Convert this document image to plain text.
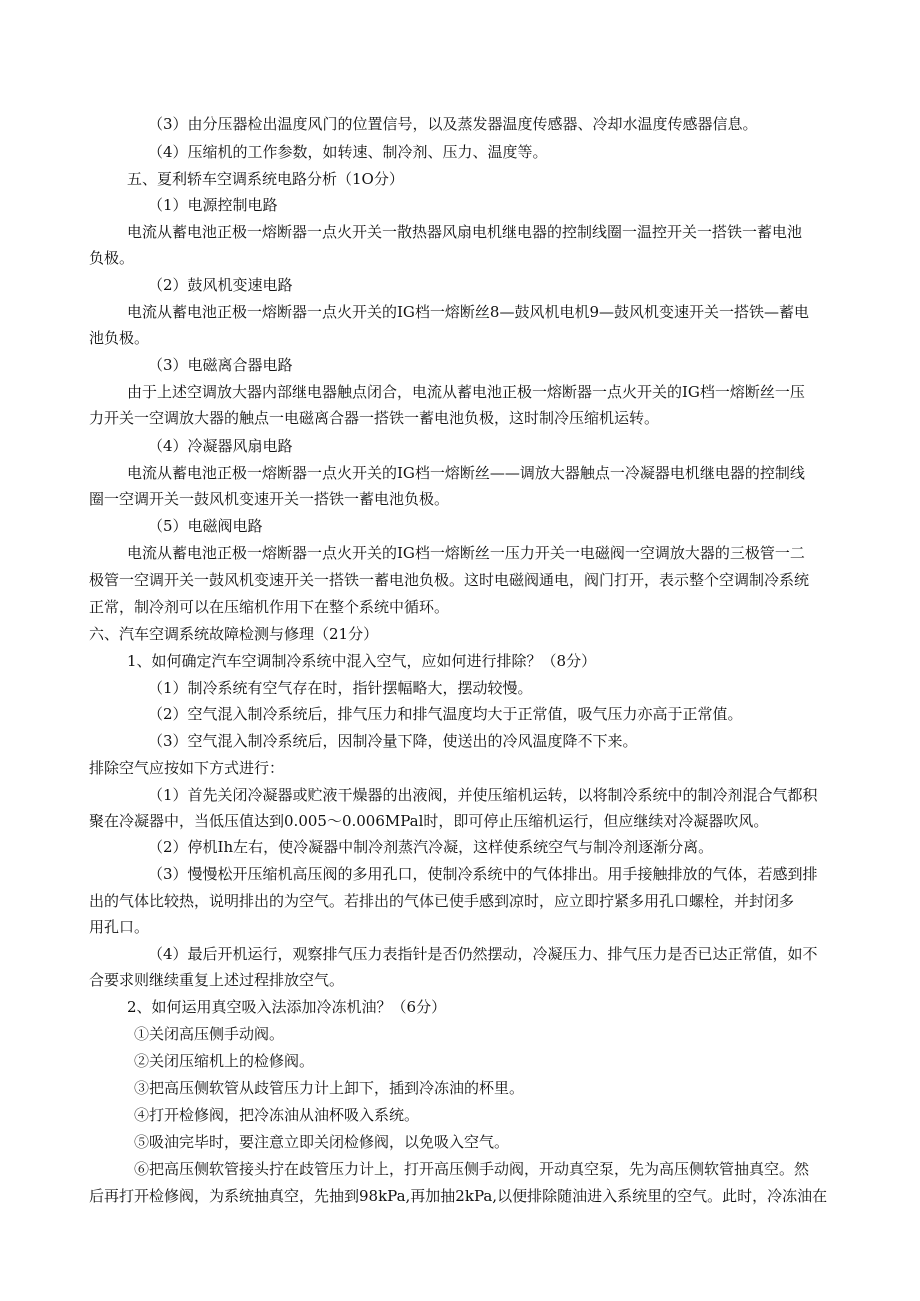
（3）由分压器检出温度风门的位置信号，以及蒸发器温度传感器、冷却水温度传感器信息。
（4）压缩机的工作参数，如转速、制冷剂、压力、温度等。
五、夏利轿车空调系统电路分析（1O分）
（1）电源控制电路
电流从蓄电池正极一熔断器一点火开关一散热器风扇电机继电器的控制线圈一温控开关一搭铁一蓄电池
负极。
（2）鼓风机变速电路
电流从蓄电池正极一熔断器一点火开关的IG档一熔断丝8—鼓风机电机9—鼓风机变速开关一搭铁—蓄电
池负极。
（3）电磁离合器电路
由于上述空调放大器内部继电器触点闭合，电流从蓄电池正极一熔断器一点火开关的IG档一熔断丝一压
力开关一空调放大器的触点一电磁离合器一搭铁一蓄电池负极，这时制冷压缩机运转。
（4）冷凝器风扇电路
电流从蓄电池正极一熔断器一点火开关的IG档一熔断丝——调放大器触点一冷凝器电机继电器的控制线
圈一空调开关一鼓风机变速开关一搭铁一蓄电池负极。
（5）电磁阀电路
电流从蓄电池正极一熔断器一点火开关的IG档一熔断丝一压力开关一电磁阀一空调放大器的三极管一二
极管一空调开关一鼓风机变速开关一搭铁一蓄电池负极。这时电磁阀通电，阀门打开，表示整个空调制冷系统
正常，制冷剂可以在压缩机作用下在整个系统中循环。
六、汽车空调系统故障检测与修理（21分）
1、如何确定汽车空调制冷系统中混入空气，应如何进行排除？（8分）
（1）制冷系统有空气存在时，指针摆幅略大，摆动较慢。
（2）空气混入制冷系统后，排气压力和排气温度均大于正常值，吸气压力亦高于正常值。
（3）空气混入制冷系统后，因制冷量下降，使送出的冷风温度降不下来。
排除空气应按如下方式进行：
（1）首先关闭冷凝器或贮液干燥器的出液阀，并使压缩机运转，以将制冷系统中的制冷剂混合气都积
聚在冷凝器中，当低压值达到0.005～0.006MPal时，即可停止压缩机运行，但应继续对冷凝器吹风。
（2）停机Ih左右，使冷凝器中制冷剂蒸汽冷凝，这样使系统空气与制冷剂逐渐分离。
（3）慢慢松开压缩机高压阀的多用孔口，使制冷系统中的气体排出。用手接触排放的气体，若感到排
出的气体比较热，说明排出的为空气。若排出的气体已使手感到凉时，应立即拧紧多用孔口螺栓，并封闭多
用孔口。
（4）最后开机运行，观察排气压力表指针是否仍然摆动，冷凝压力、排气压力是否已达正常值，如不
合要求则继续重复上述过程排放空气。
2、如何运用真空吸入法添加冷冻机油？（6分）
①关闭高压侧手动阀。
②关闭压缩机上的检修阀。
③把高压侧软管从歧管压力计上卸下，插到冷冻油的杯里。
④打开检修阀，把冷冻油从油杯吸入系统。
⑤吸油完毕时，要注意立即关闭检修阀，以免吸入空气。
⑥把高压侧软管接头拧在歧管压力计上，打开高压侧手动阀，开动真空泵，先为高压侧软管抽真空。然
后再打开检修阀，为系统抽真空，先抽到98kPa,再加抽2kPa,以便排除随油进入系统里的空气。此时，冷冻油在
